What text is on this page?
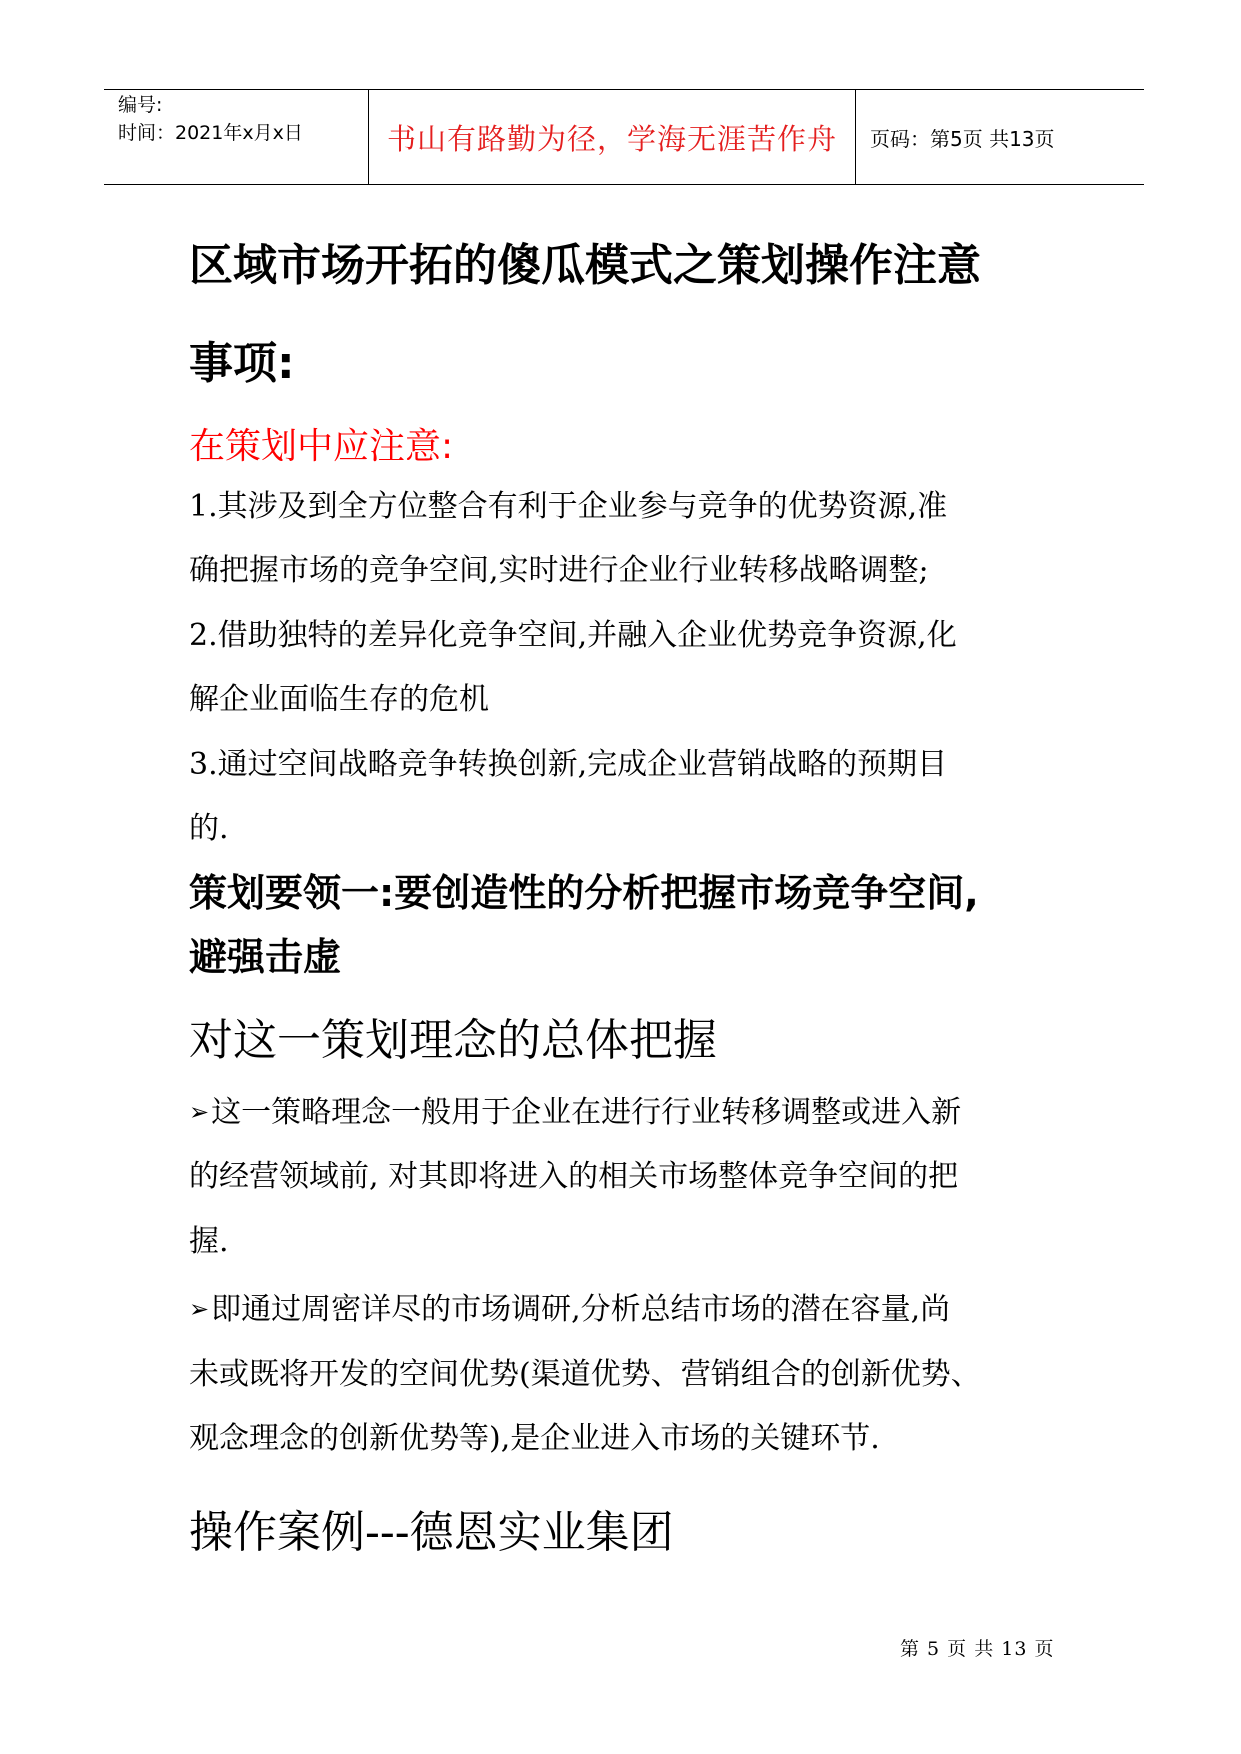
编号:
时间：2021年x月x日	书山有路勤为径，学海无涯苦作舟 页码：第5页 共13页
区域市场开拓的傻瓜模式之策划操作注意
事项:
在策划中应注意:
1.其涉及到全方位整合有利于企业参与竞争的优势资源,准
确把握市场的竞争空间,实时进行企业行业转移战略调整;
2.借助独特的差异化竞争空间,并融入企业优势竞争资源,化
解企业面临生存的危机
3.通过空间战略竞争转换创新,完成企业营销战略的预期目
的.
策划要领一:要创造性的分析把握市场竞争空间,
避强击虚
对这一策划理念的总体把握
➢这一策略理念一般用于企业在进行行业转移调整或进入新
的经营领域前, 对其即将进入的相关市场整体竞争空间的把
握.
➢即通过周密详尽的市场调研,分析总结市场的潜在容量,尚
未或既将开发的空间优势(渠道优势、营销组合的创新优势、
观念理念的创新优势等),是企业进入市场的关键环节.
操作案例---德恩实业集团
第 5 页 共 13 页
